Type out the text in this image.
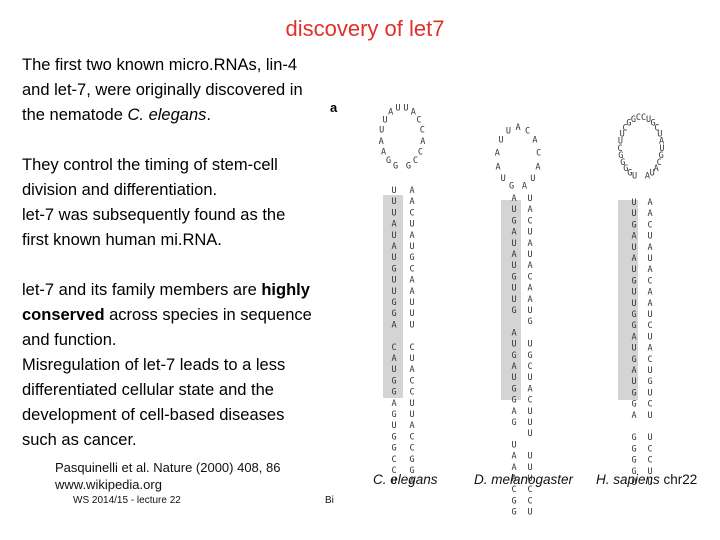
discovery of let7

The first two known micro.RNAs, lin-4

and let-7, were originally discovered in

the nematode C. elegans.

They control the timing of stem-cell

division and differentiation.

let-7 was subsequently found as the

first known human mi.RNA.

let-7 and its family members are highly

conserved across species in sequence

and function.

Misregulation of let-7 leads to a less

differentiated cellular state and the

development of cell-based diseases

such as cancer.

Pasquinelli et al. Nature (2000) 408, 86
www.wikipedia.org
WS 2014/15 - lecture 22	Bi
a
G
G
A
A
U
U
A U U A
C
C
A
C
C
G
G
U
A
A
U
U A C
A
C
A
U
A
U
G
G
G
G
C
U
U
C
G G C C U G
C
U
A
U
G
C
A
U
A
UUUAUAUGUUGGA CAUGGAGUGGCCU AACUAUGCAAUUU CUACCUUACCGGA	AUGAUAUGUUG AUGAUGGAG UAAACGG UACUAUACAAUG UGCUACUUU UUUCCU	UUGAUAUGUUGGAUGAUGGA GGGGU AACUAUACAAUCUACUGUCU UCCUU
C. elegans	D. melanogaster H. sapiens chr22
